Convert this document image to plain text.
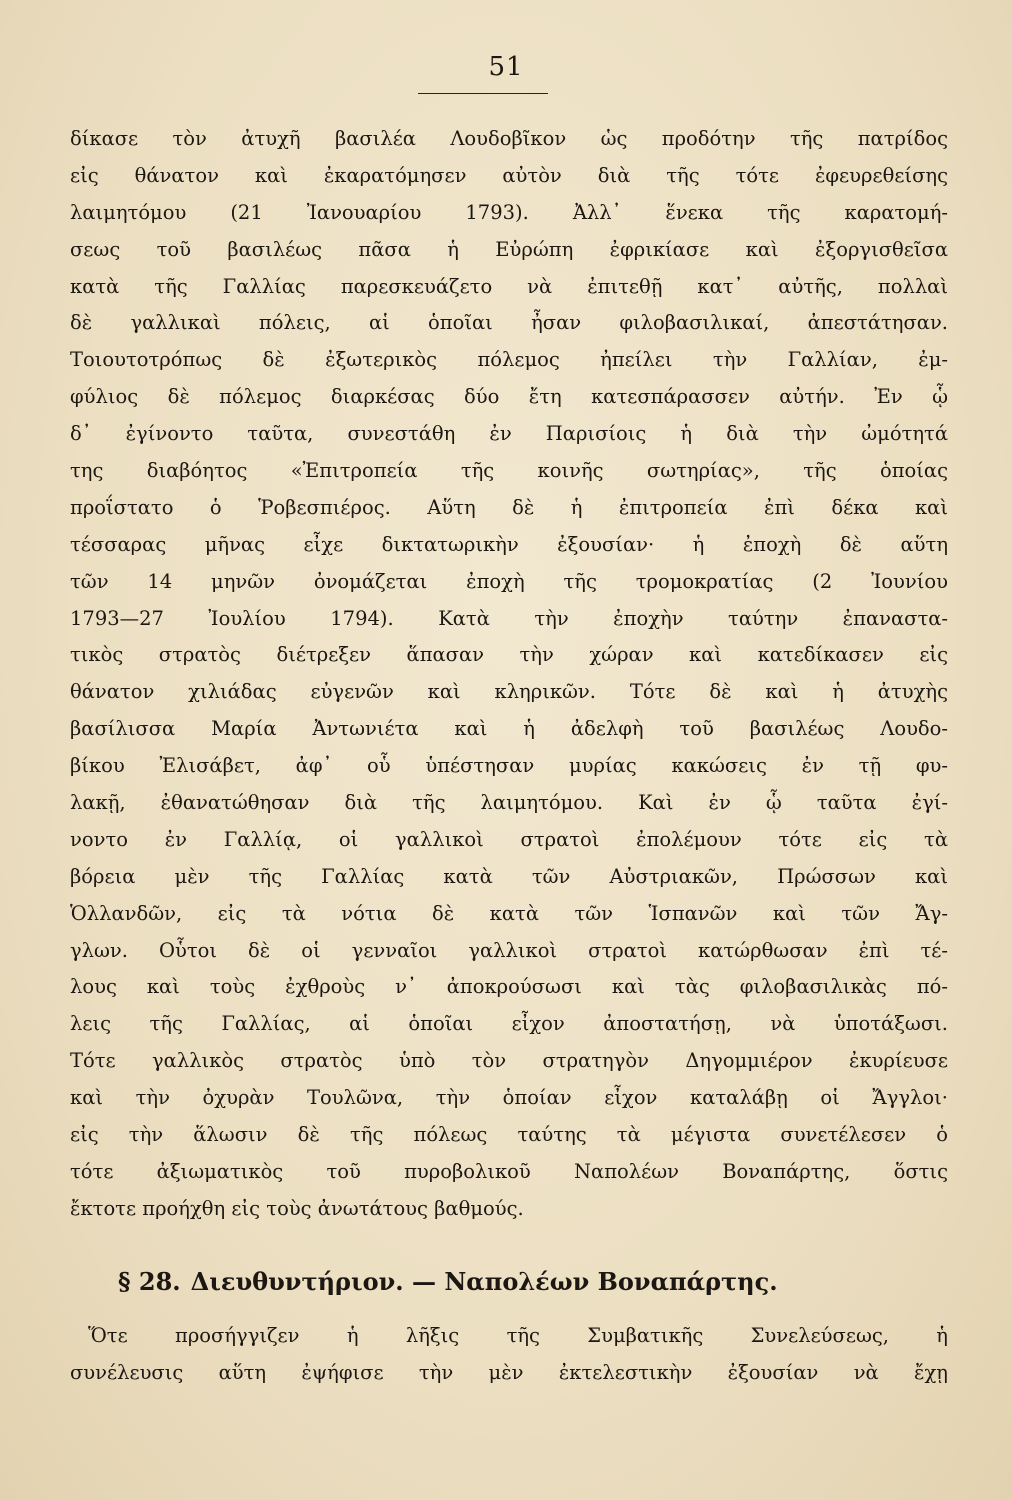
51
δίκασε τὸν ἀτυχῆ βασιλέα Λουδοβῖκον ὡς προδότην τῆς πατρίδος
εἰς θάνατον καὶ ἐκαρατόμησεν αὐτὸν διὰ τῆς τότε ἐφευρεθείσης
λαιμητόμου (21 Ἰανουαρίου 1793). Ἀλλ᾽ ἕνεκα τῆς καρατομή-
σεως τοῦ βασιλέως πᾶσα ἡ Εὐρώπη ἐφρικίασε καὶ ἐξοργισθεῖσα
κατὰ τῆς Γαλλίας παρεσκευάζετο νὰ ἐπιτεθῇ κατ᾽ αὐτῆς, πολλαὶ
δὲ γαλλικαὶ πόλεις, αἱ ὁποῖαι ἦσαν φιλοβασιλικαί, ἀπεστάτησαν.
Τοιουτοτρόπως δὲ ἐξωτερικὸς πόλεμος ἠπείλει τὴν Γαλλίαν, ἐμ-
φύλιος δὲ πόλεμος διαρκέσας δύο ἔτη κατεσπάρασσεν αὐτήν. Ἐν ᾧ
δ᾽ ἐγίνοντο ταῦτα, συνεστάθη ἐν Παρισίοις ἡ διὰ τὴν ὠμότητά
της διαβόητος «Ἐπιτροπεία τῆς κοινῆς σωτηρίας», τῆς ὁποίας
προΐστατο ὁ Ῥοβεσπιέρος. Αὕτη δὲ ἡ ἐπιτροπεία ἐπὶ δέκα καὶ
τέσσαρας μῆνας εἶχε δικτατωρικὴν ἐξουσίαν· ἡ ἐποχὴ δὲ αὕτη
τῶν 14 μηνῶν ὀνομάζεται ἐποχὴ τῆς τρομοκρατίας (2 Ἰουνίου
1793—27 Ἰουλίου 1794). Κατὰ τὴν ἐποχὴν ταύτην ἐπαναστα-
τικὸς στρατὸς διέτρεξεν ἅπασαν τὴν χώραν καὶ κατεδίκασεν εἰς
θάνατον χιλιάδας εὐγενῶν καὶ κληρικῶν. Τότε δὲ καὶ ἡ ἀτυχὴς
βασίλισσα Μαρία Ἀντωνιέτα καὶ ἡ ἀδελφὴ τοῦ βασιλέως Λουδο-
βίκου Ἐλισάβετ, ἀφ᾽ οὗ ὑπέστησαν μυρίας κακώσεις ἐν τῇ φυ-
λακῇ, ἐθανατώθησαν διὰ τῆς λαιμητόμου. Καὶ ἐν ᾧ ταῦτα ἐγί-
νοντο ἐν Γαλλίᾳ, οἱ γαλλικοὶ στρατοὶ ἐπολέμουν τότε εἰς τὰ
βόρεια μὲν τῆς Γαλλίας κατὰ τῶν Αὐστριακῶν, Πρώσσων καὶ
Ὁλλανδῶν, εἰς τὰ νότια δὲ κατὰ τῶν Ἱσπανῶν καὶ τῶν Ἄγ-
γλων. Οὗτοι δὲ οἱ γενναῖοι γαλλικοὶ στρατοὶ κατώρθωσαν ἐπὶ τέ-
λους καὶ τοὺς ἐχθροὺς ν᾽ ἀποκρούσωσι καὶ τὰς φιλοβασιλικὰς πό-
λεις τῆς Γαλλίας, αἱ ὁποῖαι εἶχον ἀποστατήσῃ, νὰ ὑποτάξωσι.
Τότε γαλλικὸς στρατὸς ὑπὸ τὸν στρατηγὸν Δηγομμιέρον ἐκυρίευσε
καὶ τὴν ὀχυρὰν Τουλῶνα, τὴν ὁποίαν εἶχον καταλάβῃ οἱ Ἄγγλοι·
εἰς τὴν ἅλωσιν δὲ τῆς πόλεως ταύτης τὰ μέγιστα συνετέλεσεν ὁ
τότε ἀξιωματικὸς τοῦ πυροβολικοῦ Ναπολέων Βοναπάρτης, ὅστις
ἔκτοτε προήχθη εἰς τοὺς ἀνωτάτους βαθμούς.
§ 28. Διευθυντήριον. — Ναπολέων Βοναπάρτης.
Ὅτε προσήγγιζεν ἡ λῆξις τῆς Συμβατικῆς Συνελεύσεως, ἡ
συνέλευσις αὕτη ἐψήφισε τὴν μὲν ἐκτελεστικὴν ἐξουσίαν νὰ ἔχῃ
